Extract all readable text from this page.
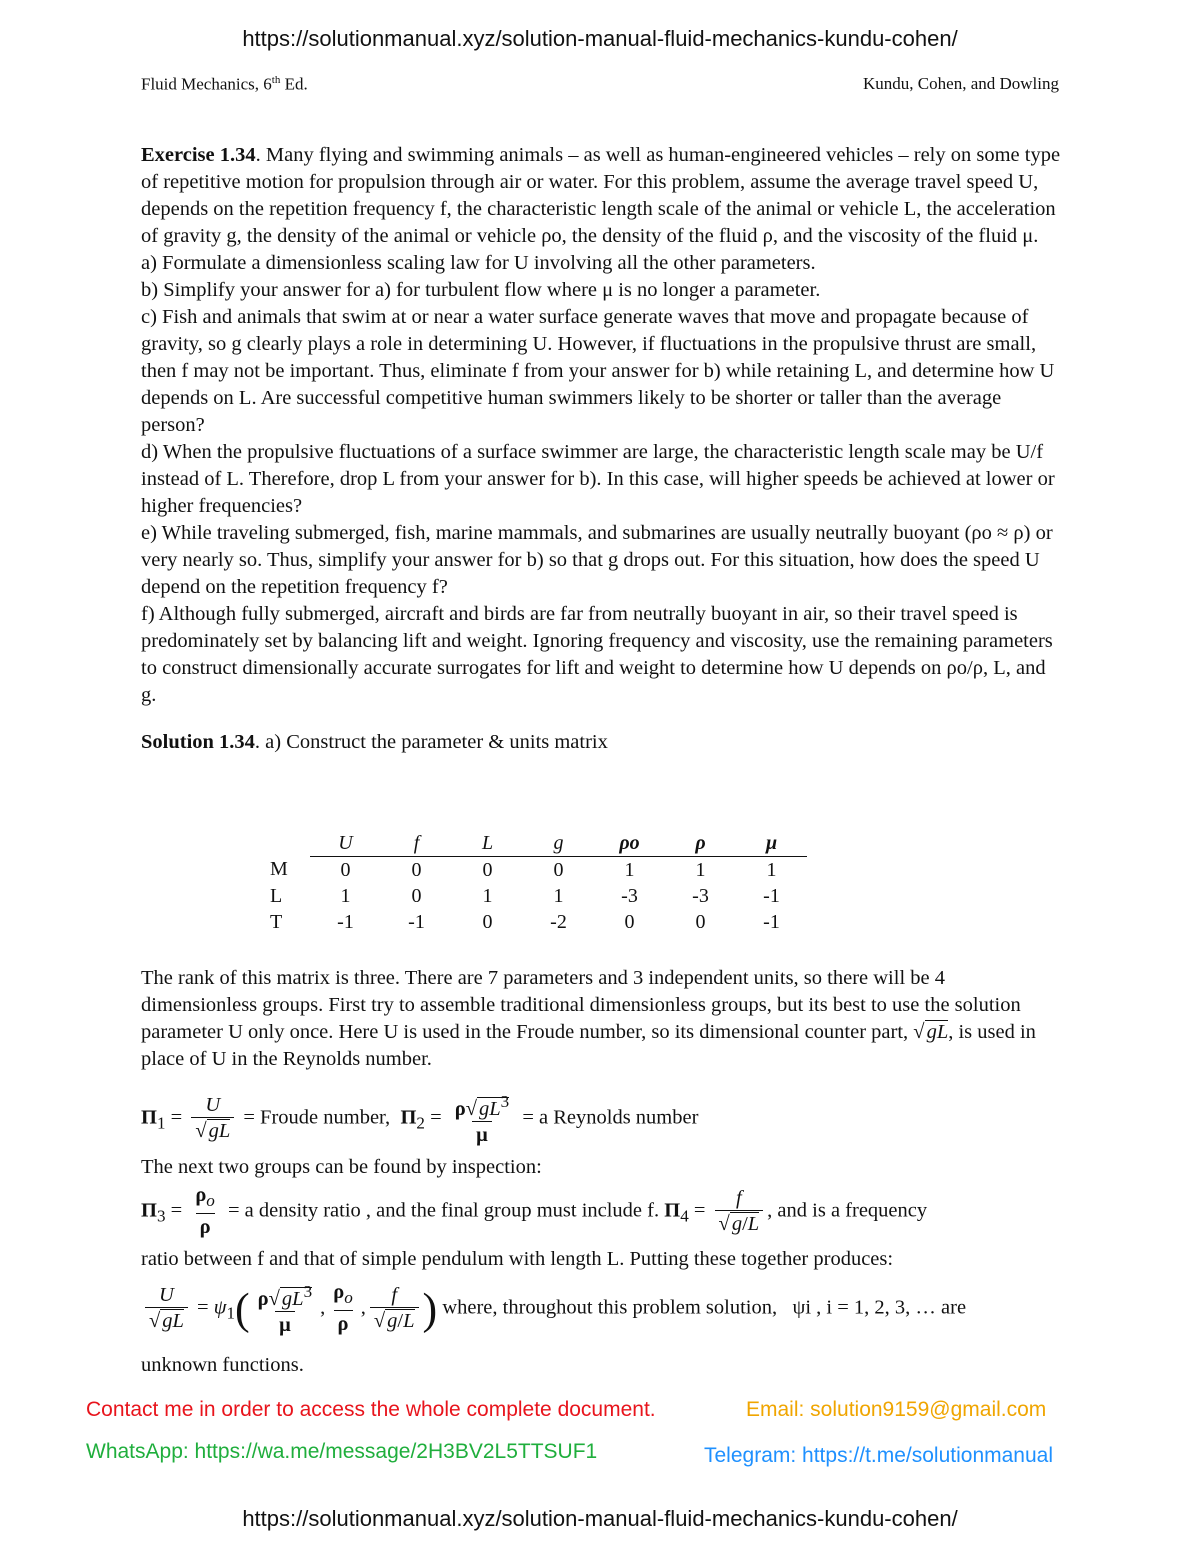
https://solutionmanual.xyz/solution-manual-fluid-mechanics-kundu-cohen/
Fluid Mechanics, 6th Ed.	Kundu, Cohen, and Dowling

Exercise 1.34. Many flying and swimming animals – as well as human-engineered vehicles – rely on some type of repetitive motion for propulsion through air or water. For this problem, assume the average travel speed U, depends on the repetition frequency f, the characteristic length scale of the animal or vehicle L, the acceleration of gravity g, the density of the animal or vehicle ρo, the density of the fluid ρ, and the viscosity of the fluid μ.

a) Formulate a dimensionless scaling law for U involving all the other parameters.

b) Simplify your answer for a) for turbulent flow where μ is no longer a parameter.

c) Fish and animals that swim at or near a water surface generate waves that move and propagate because of gravity, so g clearly plays a role in determining U. However, if fluctuations in the propulsive thrust are small, then f may not be important. Thus, eliminate f from your answer for b) while retaining L, and determine how U depends on L. Are successful competitive human swimmers likely to be shorter or taller than the average person?

d) When the propulsive fluctuations of a surface swimmer are large, the characteristic length scale may be U/f instead of L. Therefore, drop L from your answer for b). In this case, will higher speeds be achieved at lower or higher frequencies?

e) While traveling submerged, fish, marine mammals, and submarines are usually neutrally buoyant (ρo ≈ ρ) or very nearly so. Thus, simplify your answer for b) so that g drops out. For this situation, how does the speed U depend on the repetition frequency f?

f) Although fully submerged, aircraft and birds are far from neutrally buoyant in air, so their travel speed is predominately set by balancing lift and weight. Ignoring frequency and viscosity, use the remaining parameters to construct dimensionally accurate surrogates for lift and weight to determine how U depends on ρo/ρ, L, and g.

Solution 1.34. a) Construct the parameter & units matrix

	U	f	L	g	ρo	ρ	μ
M	0	0	0	0	1	1	1
L	1	0	1	1	-3	-3	-1
T	-1	-1	0	-2	0	0	-1

The rank of this matrix is three. There are 7 parameters and 3 independent units, so there will be 4 dimensionless groups. First try to assemble traditional dimensionless groups, but its best to use the solution parameter U only once. Here U is used in the Froude number, so its dimensional counter part, √gL, is used in place of U in the Reynolds number.

$\Pi_1 = \frac{U}{√gL}$ = Froude number, $\Pi_2 = \frac{\rho√gL^3}{\mu} = a$ Reynolds number
The next two groups can be found by inspection:
$\Pi_3 = \frac{\rho_o}{\rho} = a$ density ratio , and the final group must include f. $\Pi_4 = \frac{f}{√g/L}$ , and is a frequency
ratio between f and that of simple pendulum with length L. Putting these together produces:
$\frac{U}{√gL} = \psi_1( \frac{\rho√gL^3}{\mu}$ , $\frac{\rho_o}{\rho}$ , $\frac{f}{√g/L}$ ) where, throughout this problem solution, ψi , i = 1, 2, 3, … are
unknown functions.
Contact me in order to access the whole complete document.	Email: solution9159@gmail.com
WhatsApp: https://wa.me/message/2H3BV2L5TTSUF1	Telegram: https://t.me/solutionmanual
https://solutionmanual.xyz/solution-manual-fluid-mechanics-kundu-cohen/
